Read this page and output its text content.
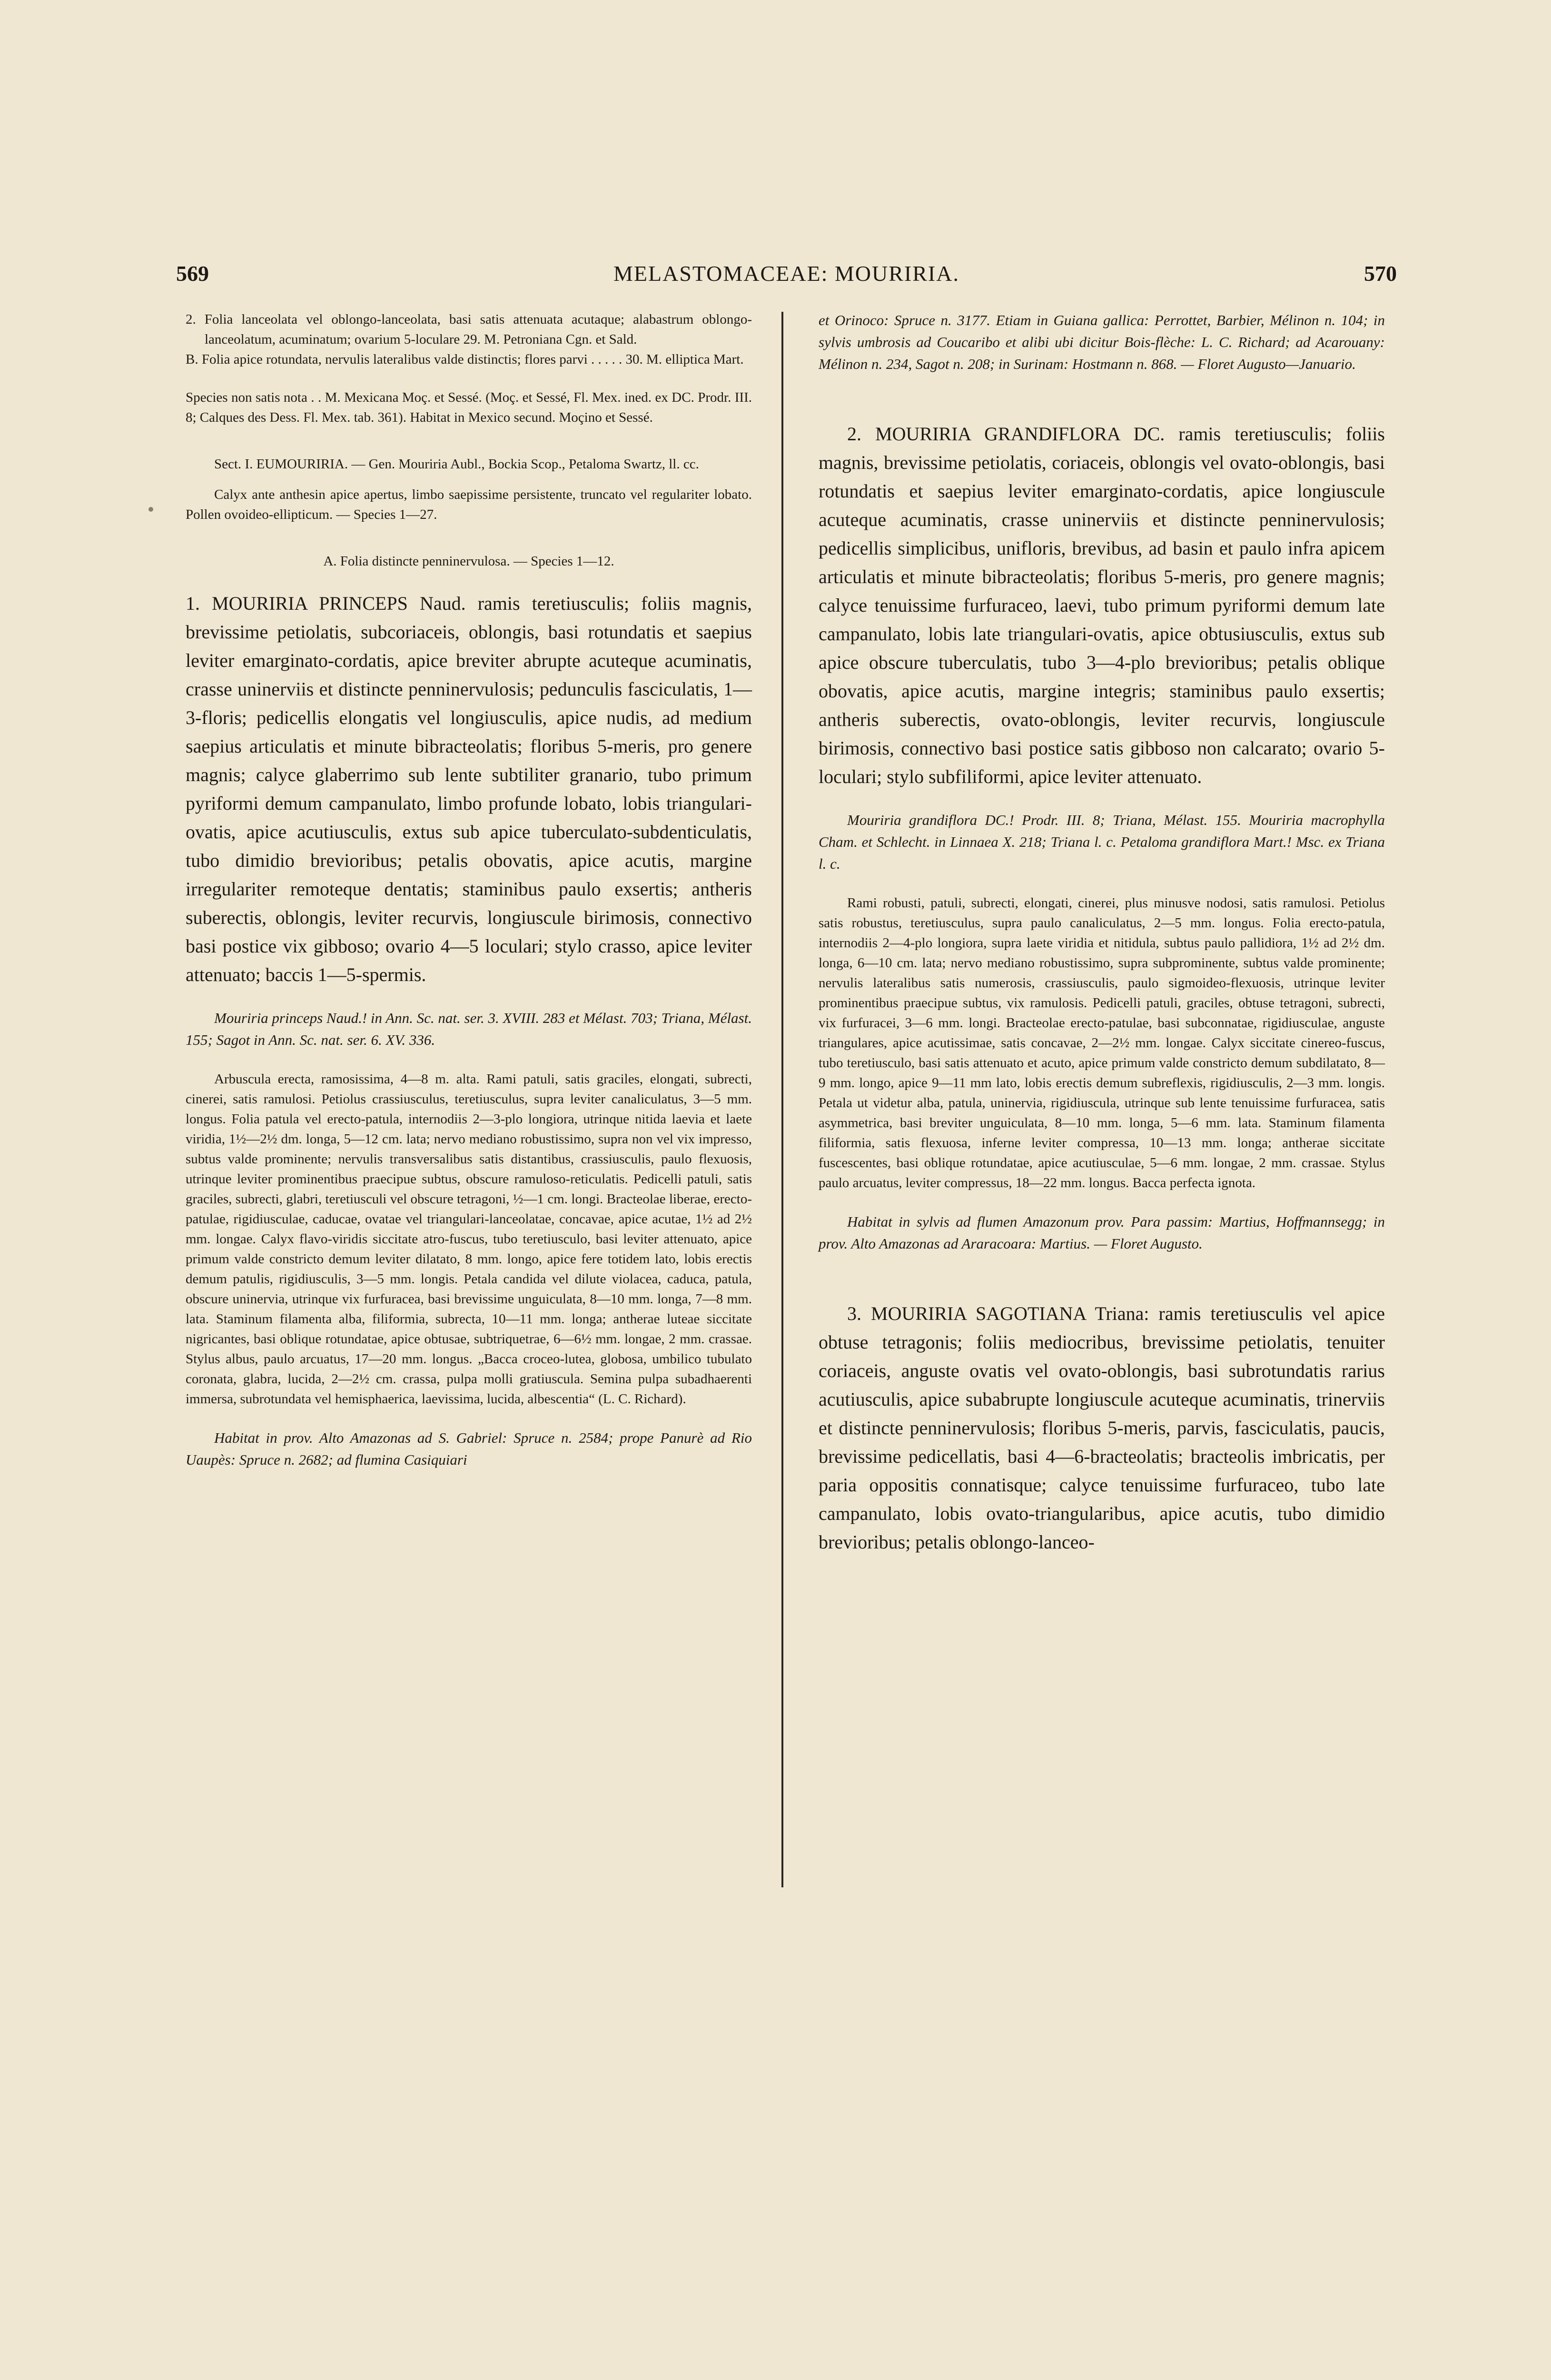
569	MELASTOMACEAE: MOURIRIA.	570

2. Folia lanceolata vel oblongo-lanceolata, basi satis attenuata acutaque; alabastrum oblongo-lanceolatum, acuminatum; ovarium 5-loculare 29. M. Petroniana Cgn. et Sald.

B. Folia apice rotundata, nervulis lateralibus valde distinctis; flores parvi . . . . . 30. M. elliptica Mart.

Species non satis nota . . M. Mexicana Moç. et Sessé. (Moç. et Sessé, Fl. Mex. ined. ex DC. Prodr. III. 8; Calques des Dess. Fl. Mex. tab. 361). Habitat in Mexico secund. Moçino et Sessé.

Sect. I. EUMOURIRIA. — Gen. Mouriria Aubl., Bockia Scop., Petaloma Swartz, ll. cc.

Calyx ante anthesin apice apertus, limbo saepissime persistente, truncato vel regulariter lobato. Pollen ovoideo-ellipticum. — Species 1—27.

A. Folia distincte penninervulosa. — Species 1—12.

1. MOURIRIA PRINCEPS Naud. ramis teretiusculis; foliis magnis, brevissime petiolatis, subcoriaceis, oblongis, basi rotundatis et saepius leviter emarginato-cordatis, apice breviter abrupte acuteque acuminatis, crasse uninerviis et distincte penninervulosis; pedunculis fasciculatis, 1—3-floris; pedicellis elongatis vel longiusculis, apice nudis, ad medium saepius articulatis et minute bibracteolatis; floribus 5-meris, pro genere magnis; calyce glaberrimo sub lente subtiliter granario, tubo primum pyriformi demum campanulato, limbo profunde lobato, lobis triangulari-ovatis, apice acutiusculis, extus sub apice tuberculato-subdenticulatis, tubo dimidio brevioribus; petalis obovatis, apice acutis, margine irregulariter remoteque dentatis; staminibus paulo exsertis; antheris suberectis, oblongis, leviter recurvis, longiuscule birimosis, connectivo basi postice vix gibboso; ovario 4—5 loculari; stylo crasso, apice leviter attenuato; baccis 1—5-spermis.

Mouriria princeps Naud.! in Ann. Sc. nat. ser. 3. XVIII. 283 et Mélast. 703; Triana, Mélast. 155; Sagot in Ann. Sc. nat. ser. 6. XV. 336.

Arbuscula erecta, ramosissima, 4—8 m. alta. Rami patuli, satis graciles, elongati, subrecti, cinerei, satis ramulosi. Petiolus crassiusculus, teretiusculus, supra leviter canaliculatus, 3—5 mm. longus. Folia patula vel erecto-patula, internodiis 2—3-plo longiora, utrinque nitida laevia et laete viridia, 1½—2½ dm. longa, 5—12 cm. lata; nervo mediano robustissimo, supra non vel vix impresso, subtus valde prominente; nervulis transversalibus satis distantibus, crassiusculis, paulo flexuosis, utrinque leviter prominentibus praecipue subtus, obscure ramuloso-reticulatis. Pedicelli patuli, satis graciles, subrecti, glabri, teretiusculi vel obscure tetragoni, ½—1 cm. longi. Bracteolae liberae, erecto-patulae, rigidiusculae, caducae, ovatae vel triangulari-lanceolatae, concavae, apice acutae, 1½ ad 2½ mm. longae. Calyx flavo-viridis siccitate atro-fuscus, tubo teretiusculo, basi leviter attenuato, apice primum valde constricto demum leviter dilatato, 8 mm. longo, apice fere totidem lato, lobis erectis demum patulis, rigidiusculis, 3—5 mm. longis. Petala candida vel dilute violacea, caduca, patula, obscure uninervia, utrinque vix furfuracea, basi brevissime unguiculata, 8—10 mm. longa, 7—8 mm. lata. Staminum filamenta alba, filiformia, subrecta, 10—11 mm. longa; antherae luteae siccitate nigricantes, basi oblique rotundatae, apice obtusae, subtriquetrae, 6—6½ mm. longae, 2 mm. crassae. Stylus albus, paulo arcuatus, 17—20 mm. longus. „Bacca croceo-lutea, globosa, umbilico tubulato coronata, glabra, lucida, 2—2½ cm. crassa, pulpa molli gratiuscula. Semina pulpa subadhaerenti immersa, subrotundata vel hemisphaerica, laevissima, lucida, albescentia“ (L. C. Richard).

Habitat in prov. Alto Amazonas ad S. Gabriel: Spruce n. 2584; prope Panurè ad Rio Uaupès: Spruce n. 2682; ad flumina Casiquiari

et Orinoco: Spruce n. 3177. Etiam in Guiana gallica: Perrottet, Barbier, Mélinon n. 104; in sylvis umbrosis ad Coucaribo et alibi ubi dicitur Bois-flèche: L. C. Richard; ad Acarouany: Mélinon n. 234, Sagot n. 208; in Surinam: Hostmann n. 868. — Floret Augusto—Januario.

2. MOURIRIA GRANDIFLORA DC. ramis teretiusculis; foliis magnis, brevissime petiolatis, coriaceis, oblongis vel ovato-oblongis, basi rotundatis et saepius leviter emarginato-cordatis, apice longiuscule acuteque acuminatis, crasse uninerviis et distincte penninervulosis; pedicellis simplicibus, unifloris, brevibus, ad basin et paulo infra apicem articulatis et minute bibracteolatis; floribus 5-meris, pro genere magnis; calyce tenuissime furfuraceo, laevi, tubo primum pyriformi demum late campanulato, lobis late triangulari-ovatis, apice obtusiusculis, extus sub apice obscure tuberculatis, tubo 3—4-plo brevioribus; petalis oblique obovatis, apice acutis, margine integris; staminibus paulo exsertis; antheris suberectis, ovato-oblongis, leviter recurvis, longiuscule birimosis, connectivo basi postice satis gibboso non calcarato; ovario 5-loculari; stylo subfiliformi, apice leviter attenuato.

Mouriria grandiflora DC.! Prodr. III. 8; Triana, Mélast. 155. Mouriria macrophylla Cham. et Schlecht. in Linnaea X. 218; Triana l. c. Petaloma grandiflora Mart.! Msc. ex Triana l. c.

Rami robusti, patuli, subrecti, elongati, cinerei, plus minusve nodosi, satis ramulosi. Petiolus satis robustus, teretiusculus, supra paulo canaliculatus, 2—5 mm. longus. Folia erecto-patula, internodiis 2—4-plo longiora, supra laete viridia et nitidula, subtus paulo pallidiora, 1½ ad 2½ dm. longa, 6—10 cm. lata; nervo mediano robustissimo, supra subprominente, subtus valde prominente; nervulis lateralibus satis numerosis, crassiusculis, paulo sigmoideo-flexuosis, utrinque leviter prominentibus praecipue subtus, vix ramulosis. Pedicelli patuli, graciles, obtuse tetragoni, subrecti, vix furfuracei, 3—6 mm. longi. Bracteolae erecto-patulae, basi subconnatae, rigidiusculae, anguste triangulares, apice acutissimae, satis concavae, 2—2½ mm. longae. Calyx siccitate cinereo-fuscus, tubo teretiusculo, basi satis attenuato et acuto, apice primum valde constricto demum subdilatato, 8—9 mm. longo, apice 9—11 mm lato, lobis erectis demum subreflexis, rigidiusculis, 2—3 mm. longis. Petala ut videtur alba, patula, uninervia, rigidiuscula, utrinque sub lente tenuissime furfuracea, satis asymmetrica, basi breviter unguiculata, 8—10 mm. longa, 5—6 mm. lata. Staminum filamenta filiformia, satis flexuosa, inferne leviter compressa, 10—13 mm. longa; antherae siccitate fuscescentes, basi oblique rotundatae, apice acutiusculae, 5—6 mm. longae, 2 mm. crassae. Stylus paulo arcuatus, leviter compressus, 18—22 mm. longus. Bacca perfecta ignota.

Habitat in sylvis ad flumen Amazonum prov. Para passim: Martius, Hoffmannsegg; in prov. Alto Amazonas ad Araracoara: Martius. — Floret Augusto.

3. MOURIRIA SAGOTIANA Triana: ramis teretiusculis vel apice obtuse tetragonis; foliis mediocribus, brevissime petiolatis, tenuiter coriaceis, anguste ovatis vel ovato-oblongis, basi subrotundatis rarius acutiusculis, apice subabrupte longiuscule acuteque acuminatis, trinerviis et distincte penninervulosis; floribus 5-meris, parvis, fasciculatis, paucis, brevissime pedicellatis, basi 4—6-bracteolatis; bracteolis imbricatis, per paria oppositis connatisque; calyce tenuissime furfuraceo, tubo late campanulato, lobis ovato-triangularibus, apice acutis, tubo dimidio brevioribus; petalis oblongo-lanceo-
